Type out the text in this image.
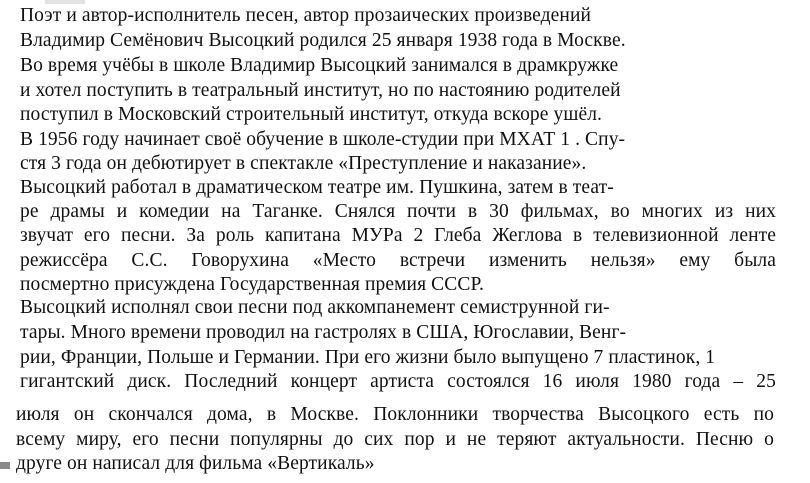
Поэт и автор-исполнитель песен, автор прозаических произведений
Владимир Семёнович Высоцкий родился 25 января 1938 года в Москве.
Во время учёбы в школе Владимир Высоцкий занимался в драмкружке
и хотел поступить в театральный институт, но по настоянию родителей
поступил в Московский строительный институт, откуда вскоре ушёл.
В 1956 году начинает своё обучение в школе-студии при МХАТ 1 . Спу-
стя 3 года он дебютирует в спектакле «Преступление и наказание».
Высоцкий работал в драматическом театре им. Пушкина, затем в теат-
ре драмы и комедии на Таганке. Снялся почти в 30 фильмах, во многих из них
звучат его песни. За роль капитана МУРа 2 Глеба Жеглова в телевизионной ленте
режиссёра С.С. Говорухина «Место встречи изменить нельзя» ему была
посмертно присуждена Государственная премия СССР.
Высоцкий исполнял свои песни под аккомпанемент семиструнной ги-
тары. Много времени проводил на гастролях в США, Югославии, Венг-
рии, Франции, Польше и Германии. При его жизни было выпущено 7 пластинок, 1
гигантский диск. Последний концерт артиста состоялся 16 июля 1980 года – 25
июля он скончался дома, в Москве. Поклонники творчества Высоцкого есть по
всему миру, его песни популярны до сих пор и не теряют актуальности. Песню о
друге он написал для фильма «Вертикаль»
